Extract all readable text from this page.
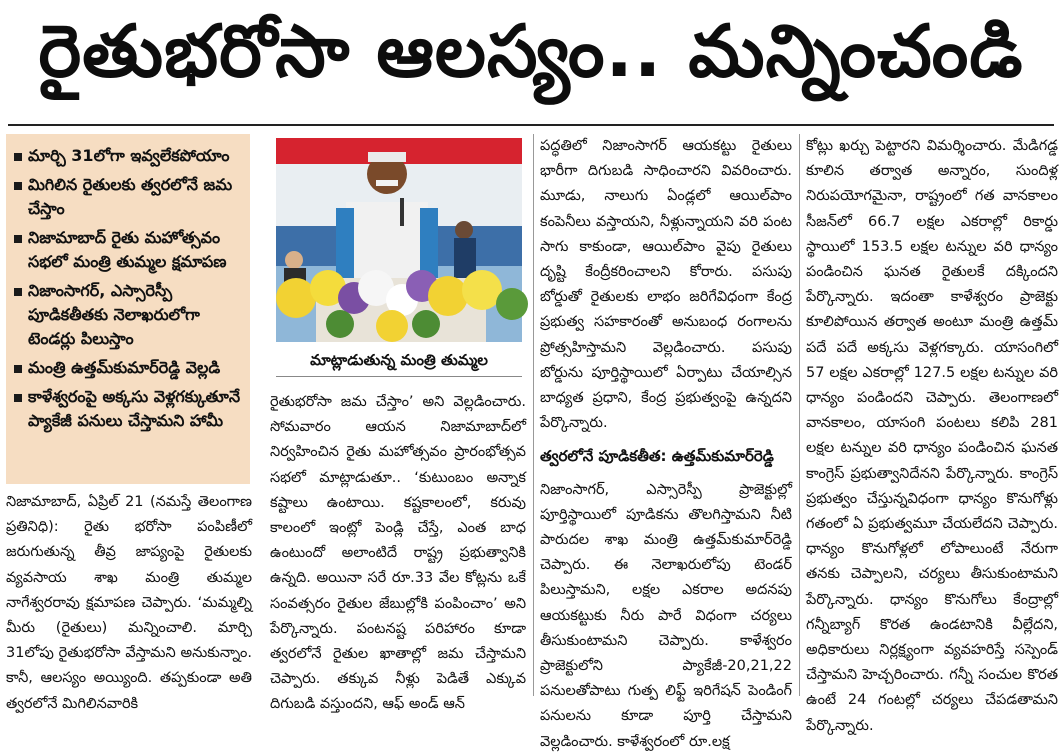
రైతుభరోసా ఆలస్యం.. మన్నించండి
మార్చి 31లోగా ఇవ్వలేకపోయాం
మిగిలిన రైతులకు త్వరలోనే జమ చేస్తాం
నిజామాబాద్ రైతు మహోత్సవం సభలో మంత్రి తుమ్మల క్షమాపణ
నిజాంసాగర్, ఎస్సారెస్పీ పూడికతీతకు నెలాఖరులోగా టెండర్లు పిలుస్తాం
మంత్రి ఉత్తమ్‌కుమార్‌రెడ్డి వెల్లడి
కాళేశ్వరంపై అక్కసు వెళ్లగక్కుతూనే ప్యాకేజీ పనులు చేస్తామని హామీ
మాట్లాడుతున్న మంత్రి తుమ్మల

నిజామాబాద్, ఏప్రిల్ 21 (నమస్తే తెలంగాణ ప్రతినిధి): రైతు భరోసా పంపిణీలో జరుగుతున్న తీవ్ర జాప్యంపై రైతులకు వ్యవసాయ శాఖ మంత్రి తుమ్మల నాగేశ్వరరావు క్షమాపణ చెప్పారు. ‘మమ్మల్ని మీరు (రైతులు) మన్నించాలి. మార్చి 31లోపు రైతుభరోసా వేస్తామని అనుకున్నాం. కానీ, ఆలస్యం అయ్యింది. తప్పకుండా అతి త్వరలోనే మిగిలినవారికి

రైతుభరోసా జమ చేస్తాం’ అని వెల్లడించారు. సోమవారం ఆయన నిజామాబాద్‌లో నిర్వహించిన రైతు మహోత్సవం ప్రారంభోత్సవ సభలో మాట్లాడుతూ.. ‘కుటుంబం అన్నాక కష్టాలు ఉంటాయి. కష్టకాలంలో, కరువు కాలంలో ఇంట్లో పెండ్లి చేస్తే, ఎంత బాధ ఉంటుందో అలాంటిదే రాష్ట్ర ప్రభుత్వానికి ఉన్నది. అయినా సరే రూ.33 వేల కోట్లను ఒకే సంవత్సరం రైతుల జేబుల్లోకి పంపించాం’ అని పేర్కొన్నారు. పంటనష్ట పరిహారం కూడా త్వరలోనే రైతుల ఖాతాల్లో జమ చేస్తామని చెప్పారు. తక్కువ నీళ్లు పెడితే ఎక్కువ దిగుబడి వస్తుందని, ఆఫ్ అండ్ ఆన్

పద్ధతిలో నిజాంసాగర్ ఆయకట్టు రైతులు భారీగా దిగుబడి సాధించారని వివరించారు. మూడు, నాలుగు ఏండ్లలో ఆయిల్‌పాం కంపెనీలు వస్తాయని, నీళ్లున్నాయని వరి పంట సాగు కాకుండా, ఆయిల్‌పాం వైపు రైతులు దృష్టి కేంద్రీకరించాలని కోరారు. పసుపు బోర్డుతో రైతులకు లాభం జరిగేవిధంగా కేంద్ర ప్రభుత్వ సహకారంతో అనుబంధ రంగాలను ప్రోత్సహిస్తామని వెల్లడించారు. పసుపు బోర్డును పూర్తిస్థాయిలో ఏర్పాటు చేయాల్సిన బాధ్యత ప్రధాని, కేంద్ర ప్రభుత్వంపై ఉన్నదని పేర్కొన్నారు.

త్వరలోనే పూడికతీత: ఉత్తమ్‌కుమార్‌రెడ్డి

నిజాంసాగర్, ఎస్సారెస్పీ ప్రాజెక్టుల్లో పూర్తిస్థాయిలో పూడికను తొలగిస్తామని నీటి పారుదల శాఖ మంత్రి ఉత్తమ్‌కుమార్‌రెడ్డి చెప్పారు. ఈ నెలాఖరులోపు టెండర్ పిలుస్తామని, లక్షల ఎకరాల అదనపు ఆయకట్టుకు నీరు పారే విధంగా చర్యలు తీసుకుంటామని చెప్పారు. కాళేశ్వరం ప్రాజెక్టులోని ప్యాకేజీ-20,21,22 పనులతోపాటు గుత్ప లిఫ్ట్ ఇరిగేషన్ పెండింగ్ పనులను కూడా పూర్తి చేస్తామని వెల్లడించారు. కాళేశ్వరంలో రూ.లక్ష

కోట్లు ఖర్చు పెట్టారని విమర్శించారు. మేడిగడ్డ కూలిన తర్వాత అన్నారం, సుందిళ్ల నిరుపయోగమైనా, రాష్ట్రంలో గత వానకాలం సీజన్‌లో 66.7 లక్షల ఎకరాల్లో రికార్డు స్థాయిలో 153.5 లక్షల టన్నుల వరి ధాన్యం పండించిన ఘనత రైతులకే దక్కిందని పేర్కొన్నారు. ఇదంతా కాళేశ్వరం ప్రాజెక్టు కూలిపోయిన తర్వాత అంటూ మంత్రి ఉత్తమ్ పదే పదే అక్కసు వెళ్లగక్కారు. యాసంగిలో 57 లక్షల ఎకరాల్లో 127.5 లక్షల టన్నుల వరి ధాన్యం పండిందని చెప్పారు. తెలంగాణలో వానకాలం, యాసంగి పంటలు కలిపి 281 లక్షల టన్నుల వరి ధాన్యం పండించిన ఘనత కాంగ్రెస్ ప్రభుత్వానిదేనని పేర్కొన్నారు. కాంగ్రెస్ ప్రభుత్వం చేస్తున్నవిధంగా ధాన్యం కొనుగోళ్లు గతంలో ఏ ప్రభుత్వమూ చేయలేదని చెప్పారు. ధాన్యం కొనుగోళ్లలో లోపాలుంటే నేరుగా తనకు చెప్పాలని, చర్యలు తీసుకుంటామని పేర్కొన్నారు. ధాన్యం కొనుగోలు కేంద్రాల్లో గన్నీబ్యాగ్ కొరత ఉండటానికి వీల్లేదని, అధికారులు నిర్లక్ష్యంగా వ్యవహరిస్తే సస్పెండ్ చేస్తామని హెచ్చరించారు. గన్నీ సంచుల కొరత ఉంటే 24 గంటల్లో చర్యలు చేపడతామని పేర్కొన్నారు.
